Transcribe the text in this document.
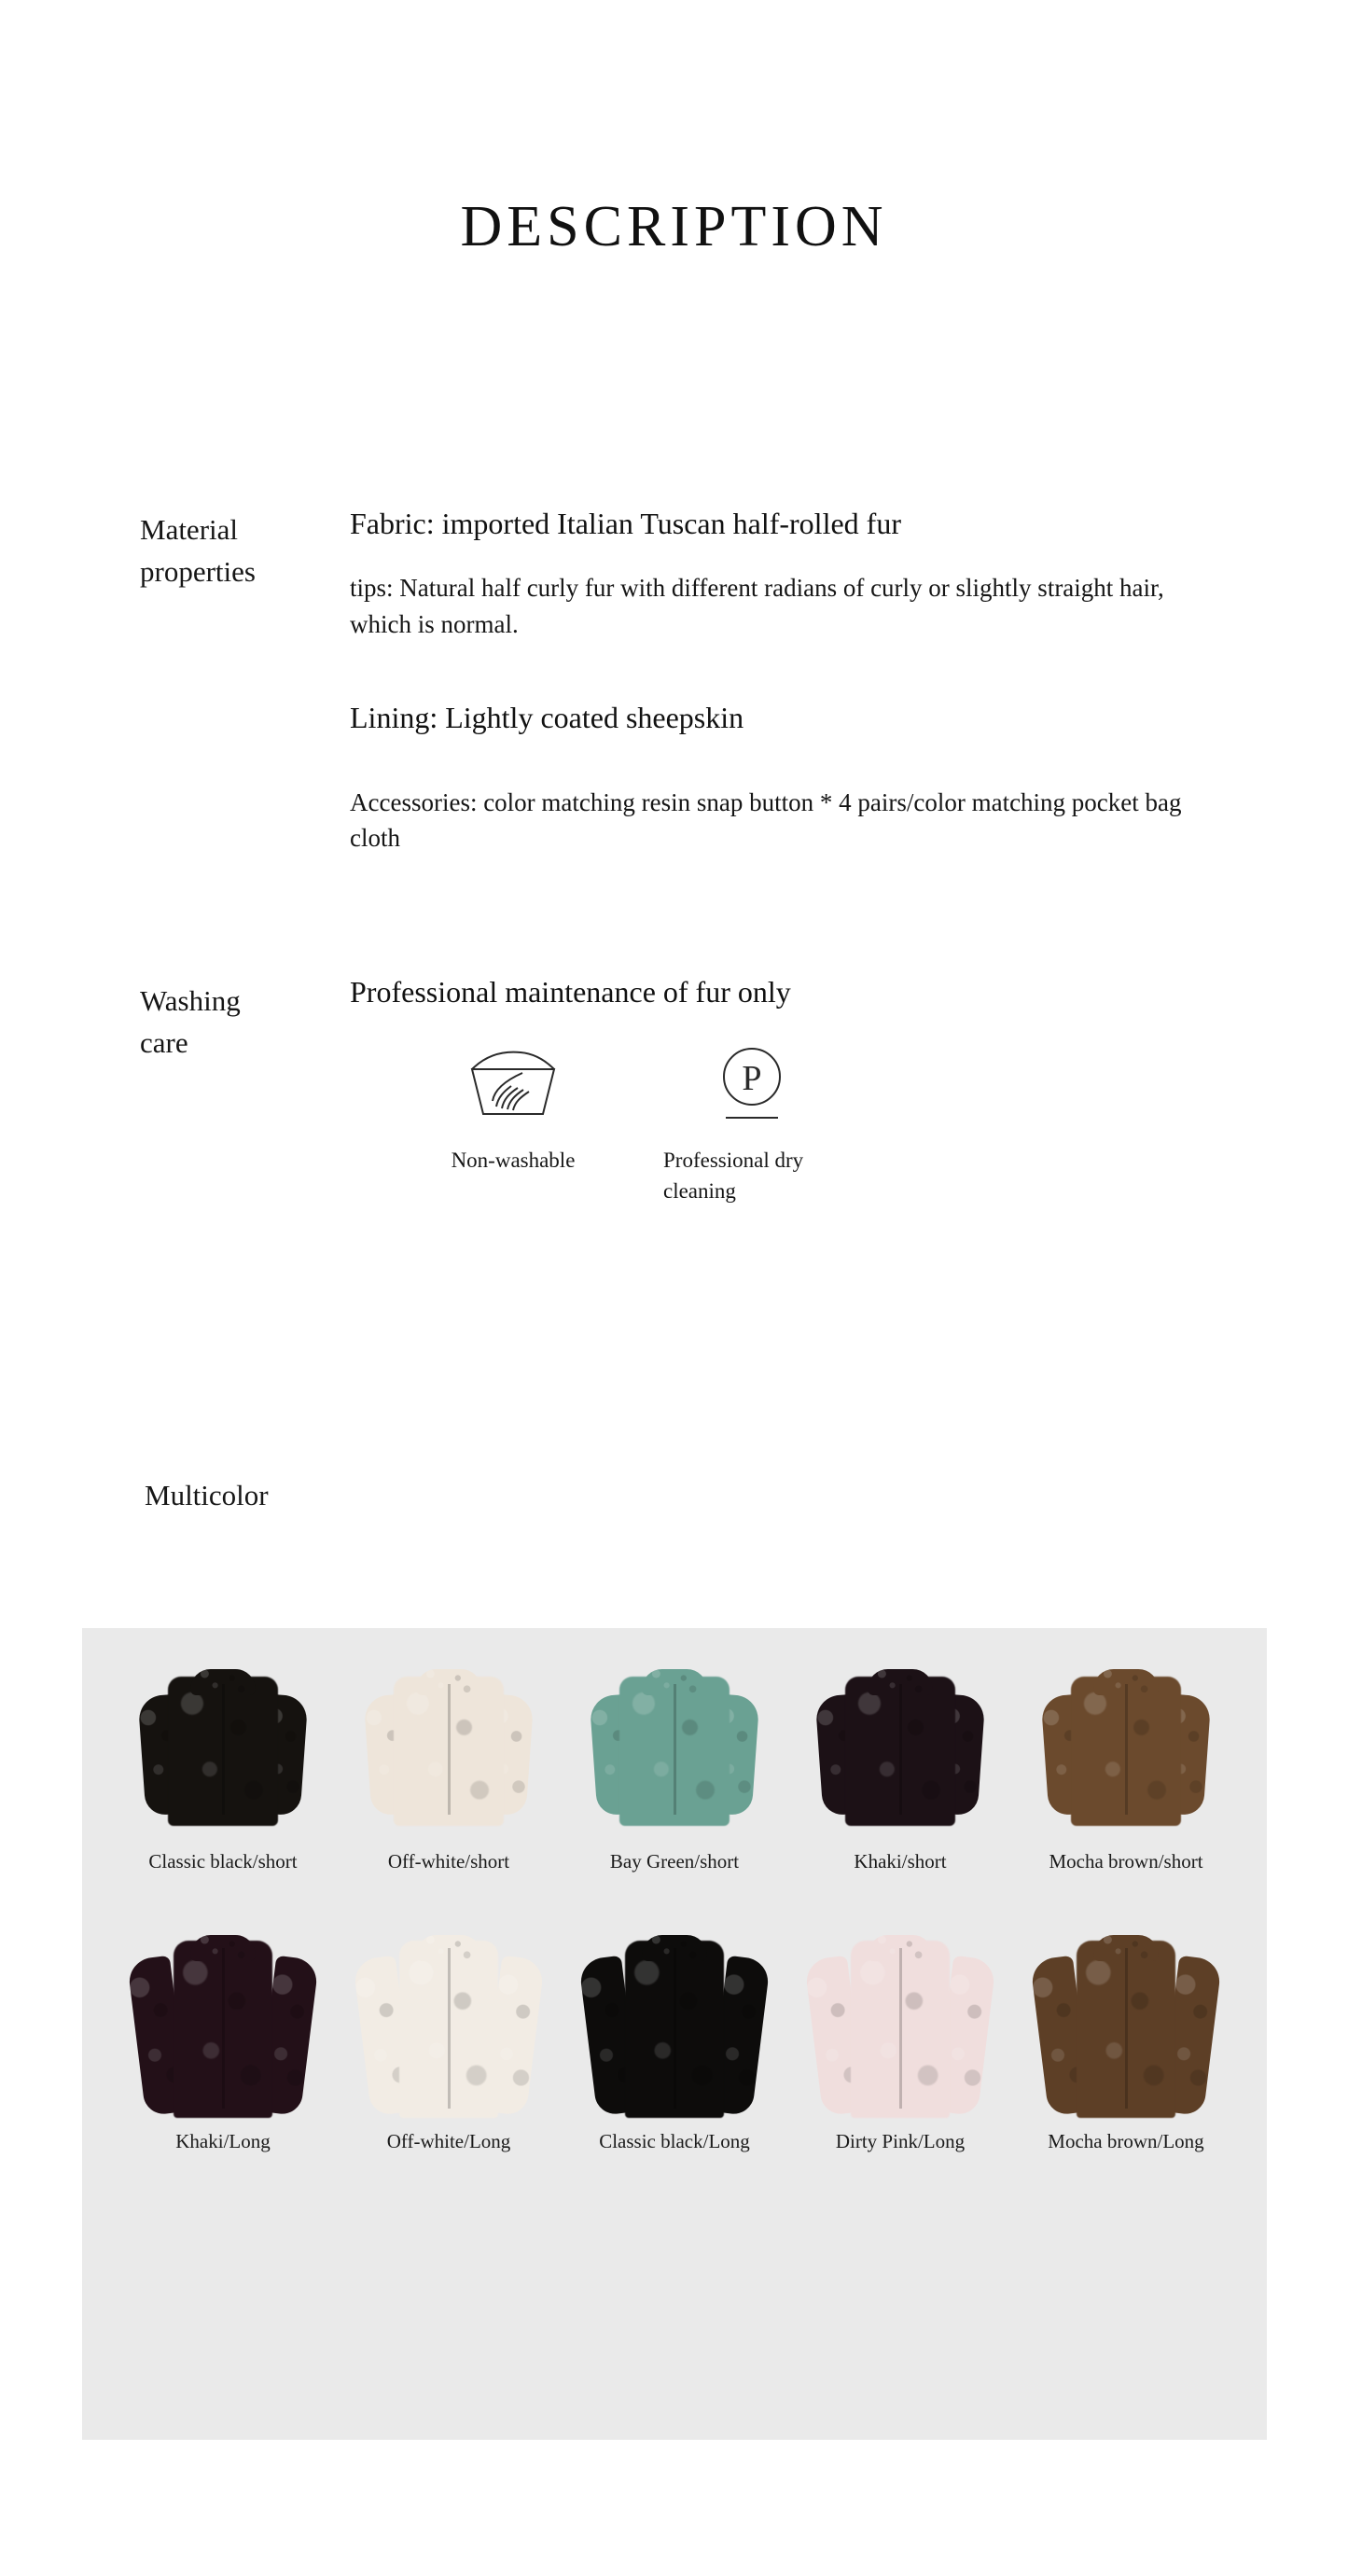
DESCRIPTION
Material
properties
Fabric: imported Italian Tuscan half-rolled fur
tips: Natural half curly fur with different radians of curly or slightly straight hair, which is normal.
Lining: Lightly coated sheepskin
Accessories: color matching resin snap button * 4 pairs/color matching pocket bag cloth
Washing
care
Professional maintenance of fur only
Non-washable
P
Professional dry cleaning
Multicolor
Classic black/short	Off-white/short	Bay Green/short	Khaki/short	Mocha brown/short
Khaki/Long	Off-white/Long	Classic black/Long	Dirty Pink/Long	Mocha brown/Long
